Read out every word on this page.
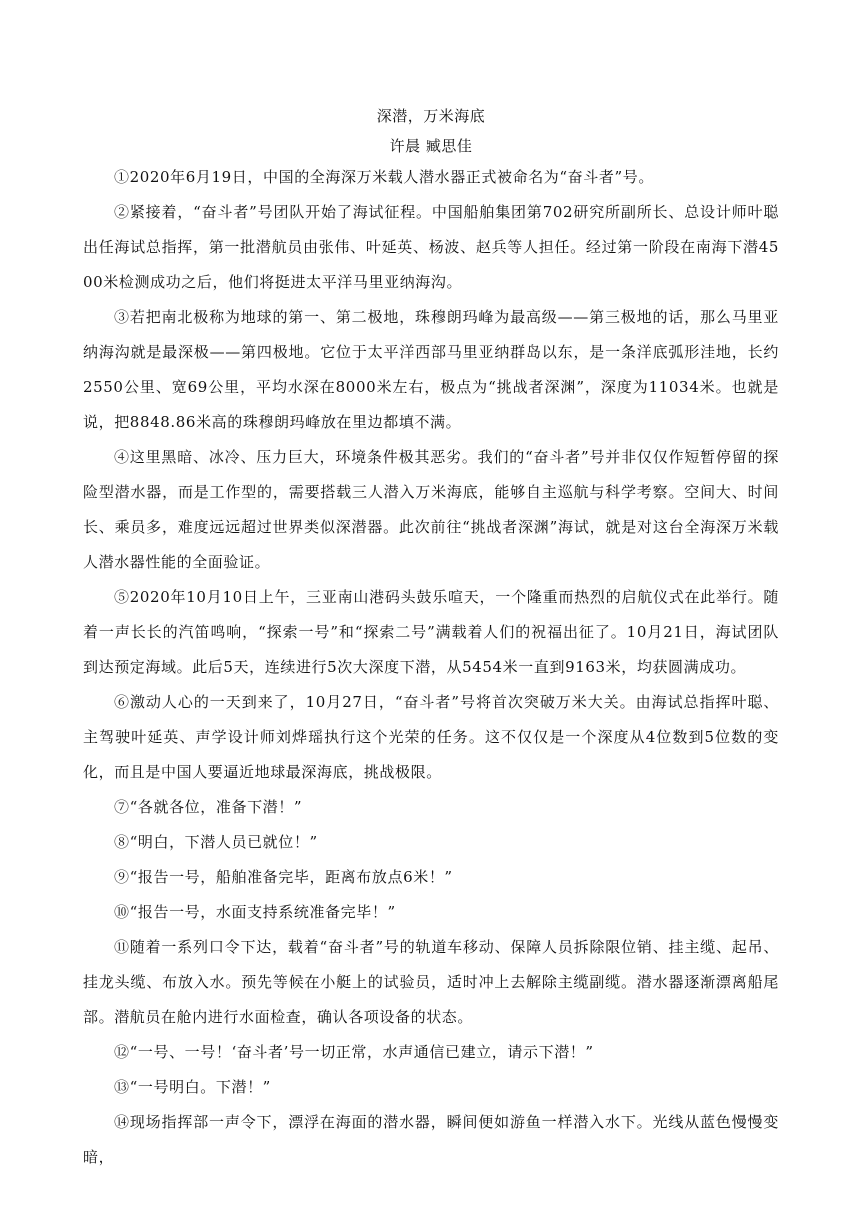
深潜，万米海底
许晨 臧思佳

①2020年6月19日，中国的全海深万米载人潜水器正式被命名为“奋斗者”号。

②紧接着，“奋斗者”号团队开始了海试征程。中国船舶集团第702研究所副所长、总设计师叶聪出任海试总指挥，第一批潜航员由张伟、叶延英、杨波、赵兵等人担任。经过第一阶段在南海下潜4500米检测成功之后，他们将挺进太平洋马里亚纳海沟。

③若把南北极称为地球的第一、第二极地，珠穆朗玛峰为最高级——第三极地的话，那么马里亚纳海沟就是最深极——第四极地。它位于太平洋西部马里亚纳群岛以东，是一条洋底弧形洼地，长约2550公里、宽69公里，平均水深在8000米左右，极点为“挑战者深渊”，深度为11034米。也就是说，把8848.86米高的珠穆朗玛峰放在里边都填不满。

④这里黑暗、冰冷、压力巨大，环境条件极其恶劣。我们的“奋斗者”号并非仅仅作短暂停留的探险型潜水器，而是工作型的，需要搭载三人潜入万米海底，能够自主巡航与科学考察。空间大、时间长、乘员多，难度远远超过世界类似深潜器。此次前往“挑战者深渊”海试，就是对这台全海深万米载人潜水器性能的全面验证。

⑤2020年10月10日上午，三亚南山港码头鼓乐喧天，一个隆重而热烈的启航仪式在此举行。随着一声长长的汽笛鸣响，“探索一号”和“探索二号”满载着人们的祝福出征了。10月21日，海试团队到达预定海域。此后5天，连续进行5次大深度下潜，从5454米一直到9163米，均获圆满成功。

⑥激动人心的一天到来了，10月27日，“奋斗者”号将首次突破万米大关。由海试总指挥叶聪、主驾驶叶延英、声学设计师刘烨瑶执行这个光荣的任务。这不仅仅是一个深度从4位数到5位数的变化，而且是中国人要逼近地球最深海底，挑战极限。

⑦“各就各位，准备下潜！”

⑧“明白，下潜人员已就位！”

⑨“报告一号，船舶准备完毕，距离布放点6米！”

⑩“报告一号，水面支持系统准备完毕！”

⑪随着一系列口令下达，载着“奋斗者”号的轨道车移动、保障人员拆除限位销、挂主缆、起吊、挂龙头缆、布放入水。预先等候在小艇上的试验员，适时冲上去解除主缆副缆。潜水器逐渐漂离船尾部。潜航员在舱内进行水面检查，确认各项设备的状态。

⑫“一号、一号！‘奋斗者’号一切正常，水声通信已建立，请示下潜！”

⑬“一号明白。下潜！”

⑭现场指挥部一声令下，漂浮在海面的潜水器，瞬间便如游鱼一样潜入水下。光线从蓝色慢慢变暗，
